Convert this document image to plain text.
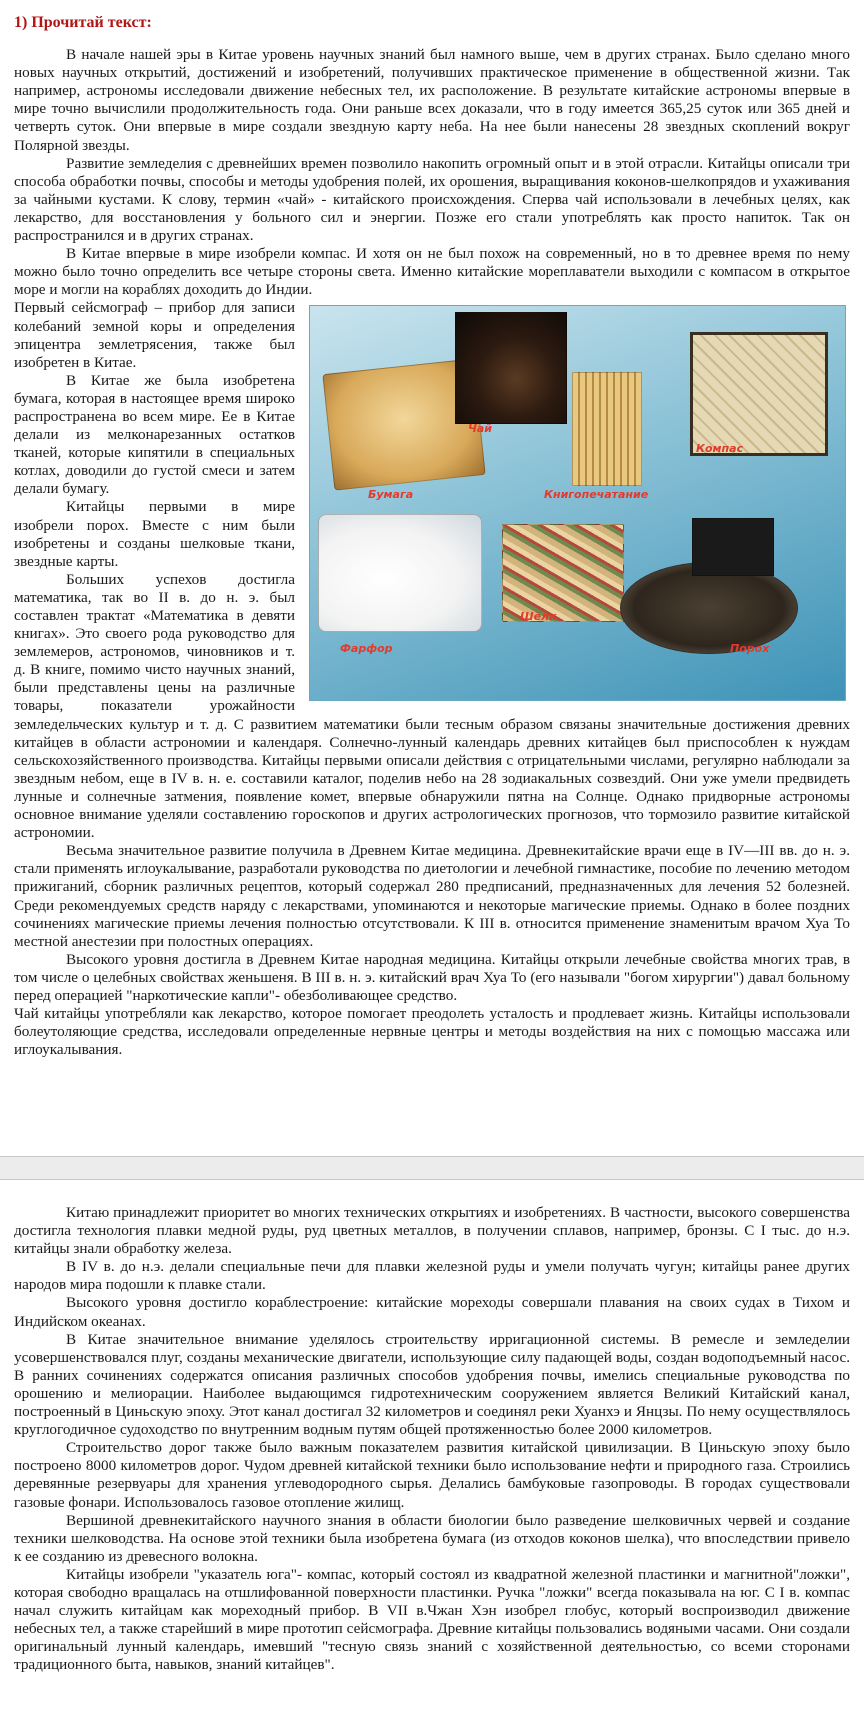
1) Прочитай текст:

В начале нашей эры в Китае уровень научных знаний был намного выше, чем в других странах. Было сделано много новых научных открытий, достижений и изобретений, получивших практическое применение в общественной жизни. Так например, астрономы исследовали движение небесных тел, их расположение. В результате китайские астрономы впервые в мире точно вычислили продолжительность года. Они раньше всех доказали, что в году имеется 365,25 суток или 365 дней и четверть суток. Они впервые в мире создали звездную карту неба. На нее были нанесены 28 звездных скоплений вокруг Полярной звезды.

Развитие земледелия с древнейших времен позволило накопить огромный опыт и в этой отрасли. Китайцы описали три способа обработки почвы, способы и методы удобрения полей, их орошения, выращивания коконов-шелкопрядов и ухаживания за чайными кустами. К слову, термин «чай» - китайского происхождения. Сперва чай использовали в лечебных целях, как лекарство, для восстановления у больного сил и энергии. Позже его стали употреблять как просто напиток. Так он распространился и в других странах.

В Китае впервые в мире изобрели компас. И хотя он не был похож на современный, но в то древнее время по нему можно было точно определить все четыре стороны света. Именно китайские мореплаватели выходили с компасом в открытое море и могли на кораблях доходить до Индии.

Бумага
Чай
Книгопечатание
Компас
Фарфор
Шёлк
Порох

Первый сейсмограф – прибор для записи колебаний земной коры и определения эпицентра землетрясения, также был изобретен в Китае.

В Китае же была изобретена бумага, которая в настоящее время широко распространена во всем мире. Ее в Китае делали из мелконарезанных остатков тканей, которые кипятили в специальных котлах, доводили до густой смеси и затем делали бумагу.

Китайцы первыми в мире изобрели порох. Вместе с ним были изобретены и созданы шелковые ткани, звездные карты.

Больших успехов достигла математика, так во II в. до н. э. был составлен трактат «Математика в девяти книгах». Это своего рода руководство для землемеров, астрономов, чиновников и т. д. В книге, помимо чисто научных знаний, были представлены цены на различные товары, показатели урожайности земледельческих культур и т. д. С развитием математики были тесным образом связаны значительные достижения древних китайцев в области астрономии и календаря. Солнечно-лунный календарь древних китайцев был приспособлен к нуждам сельскохозяйственного производства. Китайцы первыми описали действия с отрицательными числами, регулярно наблюдали за звездным небом, еще в IV в. н. е. составили каталог, поделив небо на 28 зодиакальных созвездий. Они уже умели предвидеть лунные и солнечные затмения, появление комет, впервые обнаружили пятна на Солнце. Однако придворные астрономы основное внимание уделяли составлению гороскопов и других астрологических прогнозов, что тормозило развитие китайской астрономии.

Весьма значительное развитие получила в Древнем Китае медицина. Древнекитайские врачи еще в IV—III вв. до н. э. стали применять иглоукалывание, разработали руководства по диетологии и лечебной гимнастике, пособие по лечению методом прижиганий, сборник различных рецептов, который содержал 280 предписаний, предназначенных для лечения 52 болезней. Среди рекомендуемых средств наряду с лекарствами, упоминаются и некоторые магические приемы. Однако в более поздних сочинениях магические приемы лечения полностью отсутствовали. К III в. относится применение знаменитым врачом Хуа То местной анестезии при полостных операциях.

Высокого уровня достигла в Древнем Китае народная медицина. Китайцы открыли лечебные свойства многих трав, в том числе о целебных свойствах женьшеня. В III в. н. э. китайский врач Хуа То (его называли "богом хирургии") давал больному перед операцией "наркотические капли"- обезболивающее средство.

Чай китайцы употребляли как лекарство, которое помогает преодолеть усталость и продлевает жизнь. Китайцы использовали болеутоляющие средства, исследовали определенные нервные центры и методы воздействия на них с помощью массажа или иглоукалывания.

Китаю принадлежит приоритет во многих технических открытиях и изобретениях. В частности, высокого совершенства достигла технология плавки медной руды, руд цветных металлов, в получении сплавов, например, бронзы. С I тыс. до н.э. китайцы знали обработку железа.

В IV в. до н.э. делали специальные печи для плавки железной руды и умели получать чугун; китайцы ранее других народов мира подошли к плавке стали.

Высокого уровня достигло кораблестроение: китайские мореходы совершали плавания на своих судах в Тихом и Индийском океанах.

В Китае значительное внимание уделялось строительству ирригационной системы. В ремесле и земледелии усовершенствовался плуг, созданы механические двигатели, использующие силу падающей воды, создан водоподъемный насос. В ранних сочинениях содержатся описания различных способов удобрения почвы, имелись специальные руководства по орошению и мелиорации. Наиболее выдающимся гидротехническим сооружением является Великий Китайский канал, построенный в Циньскую эпоху. Этот канал достигал 32 километров и соединял реки Хуанхэ и Янцзы. По нему осуществлялось круглогодичное судоходство по внутренним водным путям общей протяженностью более 2000 километров.

Строительство дорог также было важным показателем развития китайской цивилизации. В Циньскую эпоху было построено 8000 километров дорог. Чудом древней китайской техники было использование нефти и природного газа. Строились деревянные резервуары для хранения углеводородного сырья. Делались бамбуковые газопроводы. В городах существовали газовые фонари. Использовалось газовое отопление жилищ.

Вершиной древнекитайского научного знания в области биологии было разведение шелковичных червей и создание техники шелководства. На основе этой техники была изобретена бумага (из отходов коконов шелка), что впоследствии привело к ее созданию из древесного волокна.

Китайцы изобрели "указатель юга"- компас, который состоял из квадратной железной пластинки и магнитной"ложки", которая свободно вращалась на отшлифованной поверхности пластинки. Ручка "ложки" всегда показывала на юг. С I в. компас начал служить китайцам как мореходный прибор. В VII в.Чжан Хэн изобрел глобус, который воспроизводил движение небесных тел, а также старейший в мире прототип сейсмографа. Древние китайцы пользовались водяными часами. Они создали оригинальный лунный календарь, имевший "тесную связь знаний с хозяйственной деятельностью, со всеми сторонами традиционного быта, навыков, знаний китайцев".
